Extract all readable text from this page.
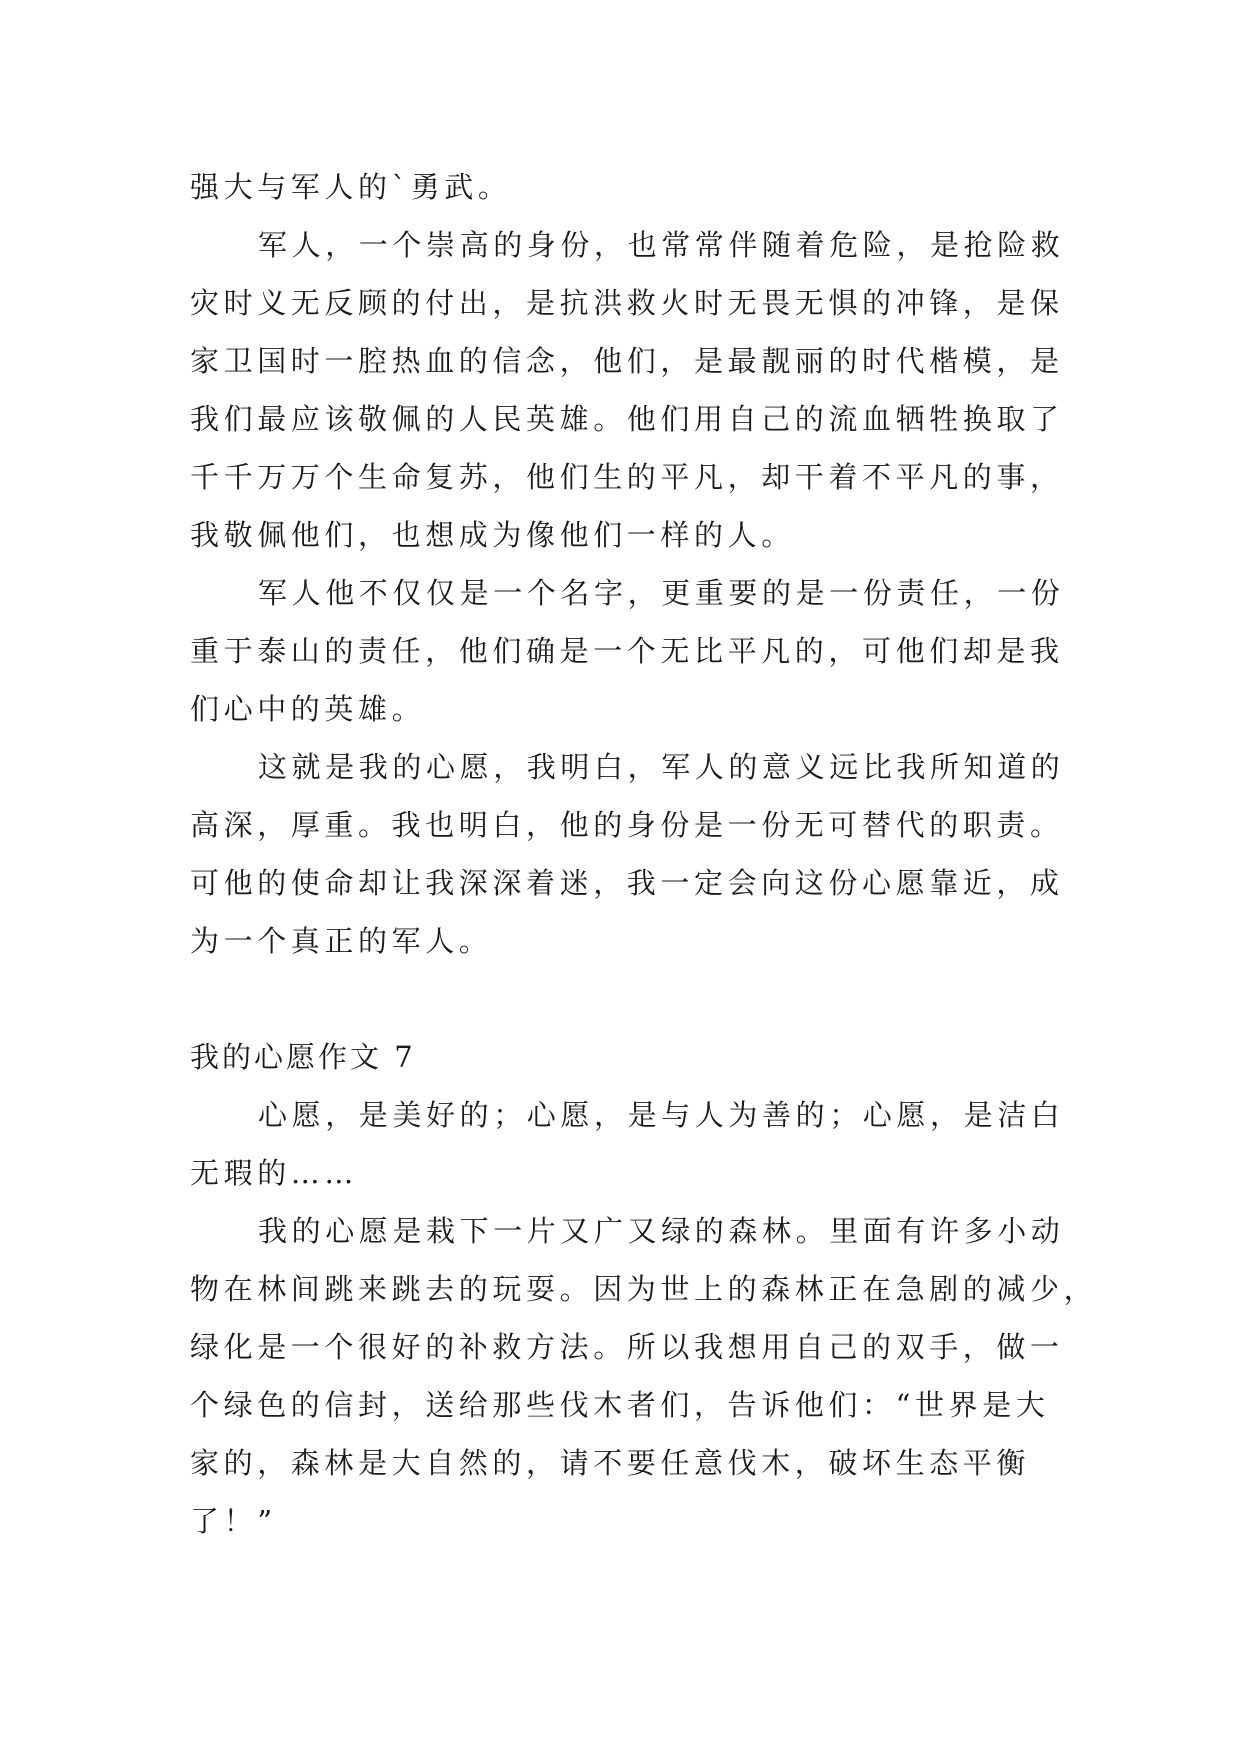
强大与军人的`勇武。
军人，一个崇高的身份，也常常伴随着危险，是抢险救
灾时义无反顾的付出，是抗洪救火时无畏无惧的冲锋，是保
家卫国时一腔热血的信念，他们，是最靓丽的时代楷模，是
我们最应该敬佩的人民英雄。他们用自己的流血牺牲换取了
千千万万个生命复苏，他们生的平凡，却干着不平凡的事，
我敬佩他们，也想成为像他们一样的人。
军人他不仅仅是一个名字，更重要的是一份责任，一份
重于泰山的责任，他们确是一个无比平凡的，可他们却是我
们心中的英雄。
这就是我的心愿，我明白，军人的意义远比我所知道的
高深，厚重。我也明白，他的身份是一份无可替代的职责。
可他的使命却让我深深着迷，我一定会向这份心愿靠近，成
为一个真正的军人。
我的心愿作文 7
心愿，是美好的；心愿，是与人为善的；心愿，是洁白
无瑕的……
我的心愿是栽下一片又广又绿的森林。里面有许多小动
物在林间跳来跳去的玩耍。因为世上的森林正在急剧的减少，
绿化是一个很好的补救方法。所以我想用自己的双手，做一
个绿色的信封，送给那些伐木者们，告诉他们：“世界是大
家的，森林是大自然的，请不要任意伐木，破坏生态平衡
了！”
